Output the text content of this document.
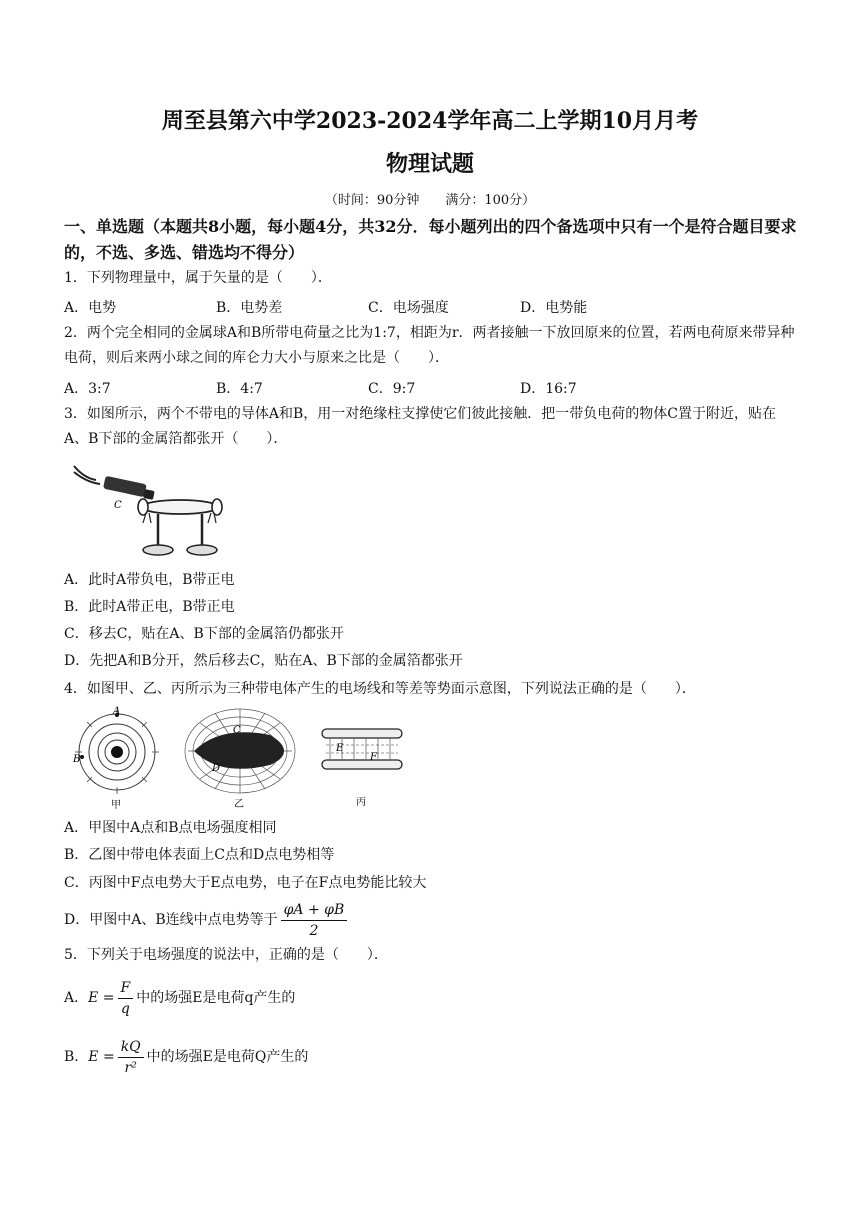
周至县第六中学2023-2024学年高二上学期10月月考
物理试题
（时间：90分钟　　满分：100分）
一、单选题（本题共8小题，每小题4分，共32分．每小题列出的四个备选项中只有一个是符合题目要求的，不选、多选、错选均不得分）
1．下列物理量中，属于矢量的是（　　）．
A．电势	B．电势差	C．电场强度	D．电势能
2．两个完全相同的金属球A和B所带电荷量之比为1:7，相距为r．两者接触一下放回原来的位置，若两电荷原来带异种电荷，则后来两小球之间的库仑力大小与原来之比是（　　）．
A．3:7	B．4:7	C．9:7	D．16:7
3．如图所示，两个不带电的导体A和B，用一对绝缘柱支撑使它们彼此接触．把一带负电荷的物体C置于附近，贴在A、B下部的金属箔都张开（　　）．
C
A．此时A带负电，B带正电
B．此时A带正电，B带正电
C．移去C，贴在A、B下部的金属箔仍都张开
D．先把A和B分开，然后移去C，贴在A、B下部的金属箔都张开
4．如图甲、乙、丙所示为三种带电体产生的电场线和等差等势面示意图，下列说法正确的是（　　）．
A
B
甲
C
D
乙
E
F
丙
A．甲图中A点和B点电场强度相同
B．乙图中带电体表面上C点和D点电势相等
C．丙图中F点电势大于E点电势，电子在F点电势能比较大
D．甲图中A、B连线中点电势等于 $\frac{\varphi A + \varphi B}{2}$
5．下列关于电场强度的说法中，正确的是（　　）．
A．$E = \frac{F}{q}$ 中的场强E是电荷q产生的
B．$E = \frac{kQ}{\text{r²}}$ 中的场强E是电荷Q产生的
